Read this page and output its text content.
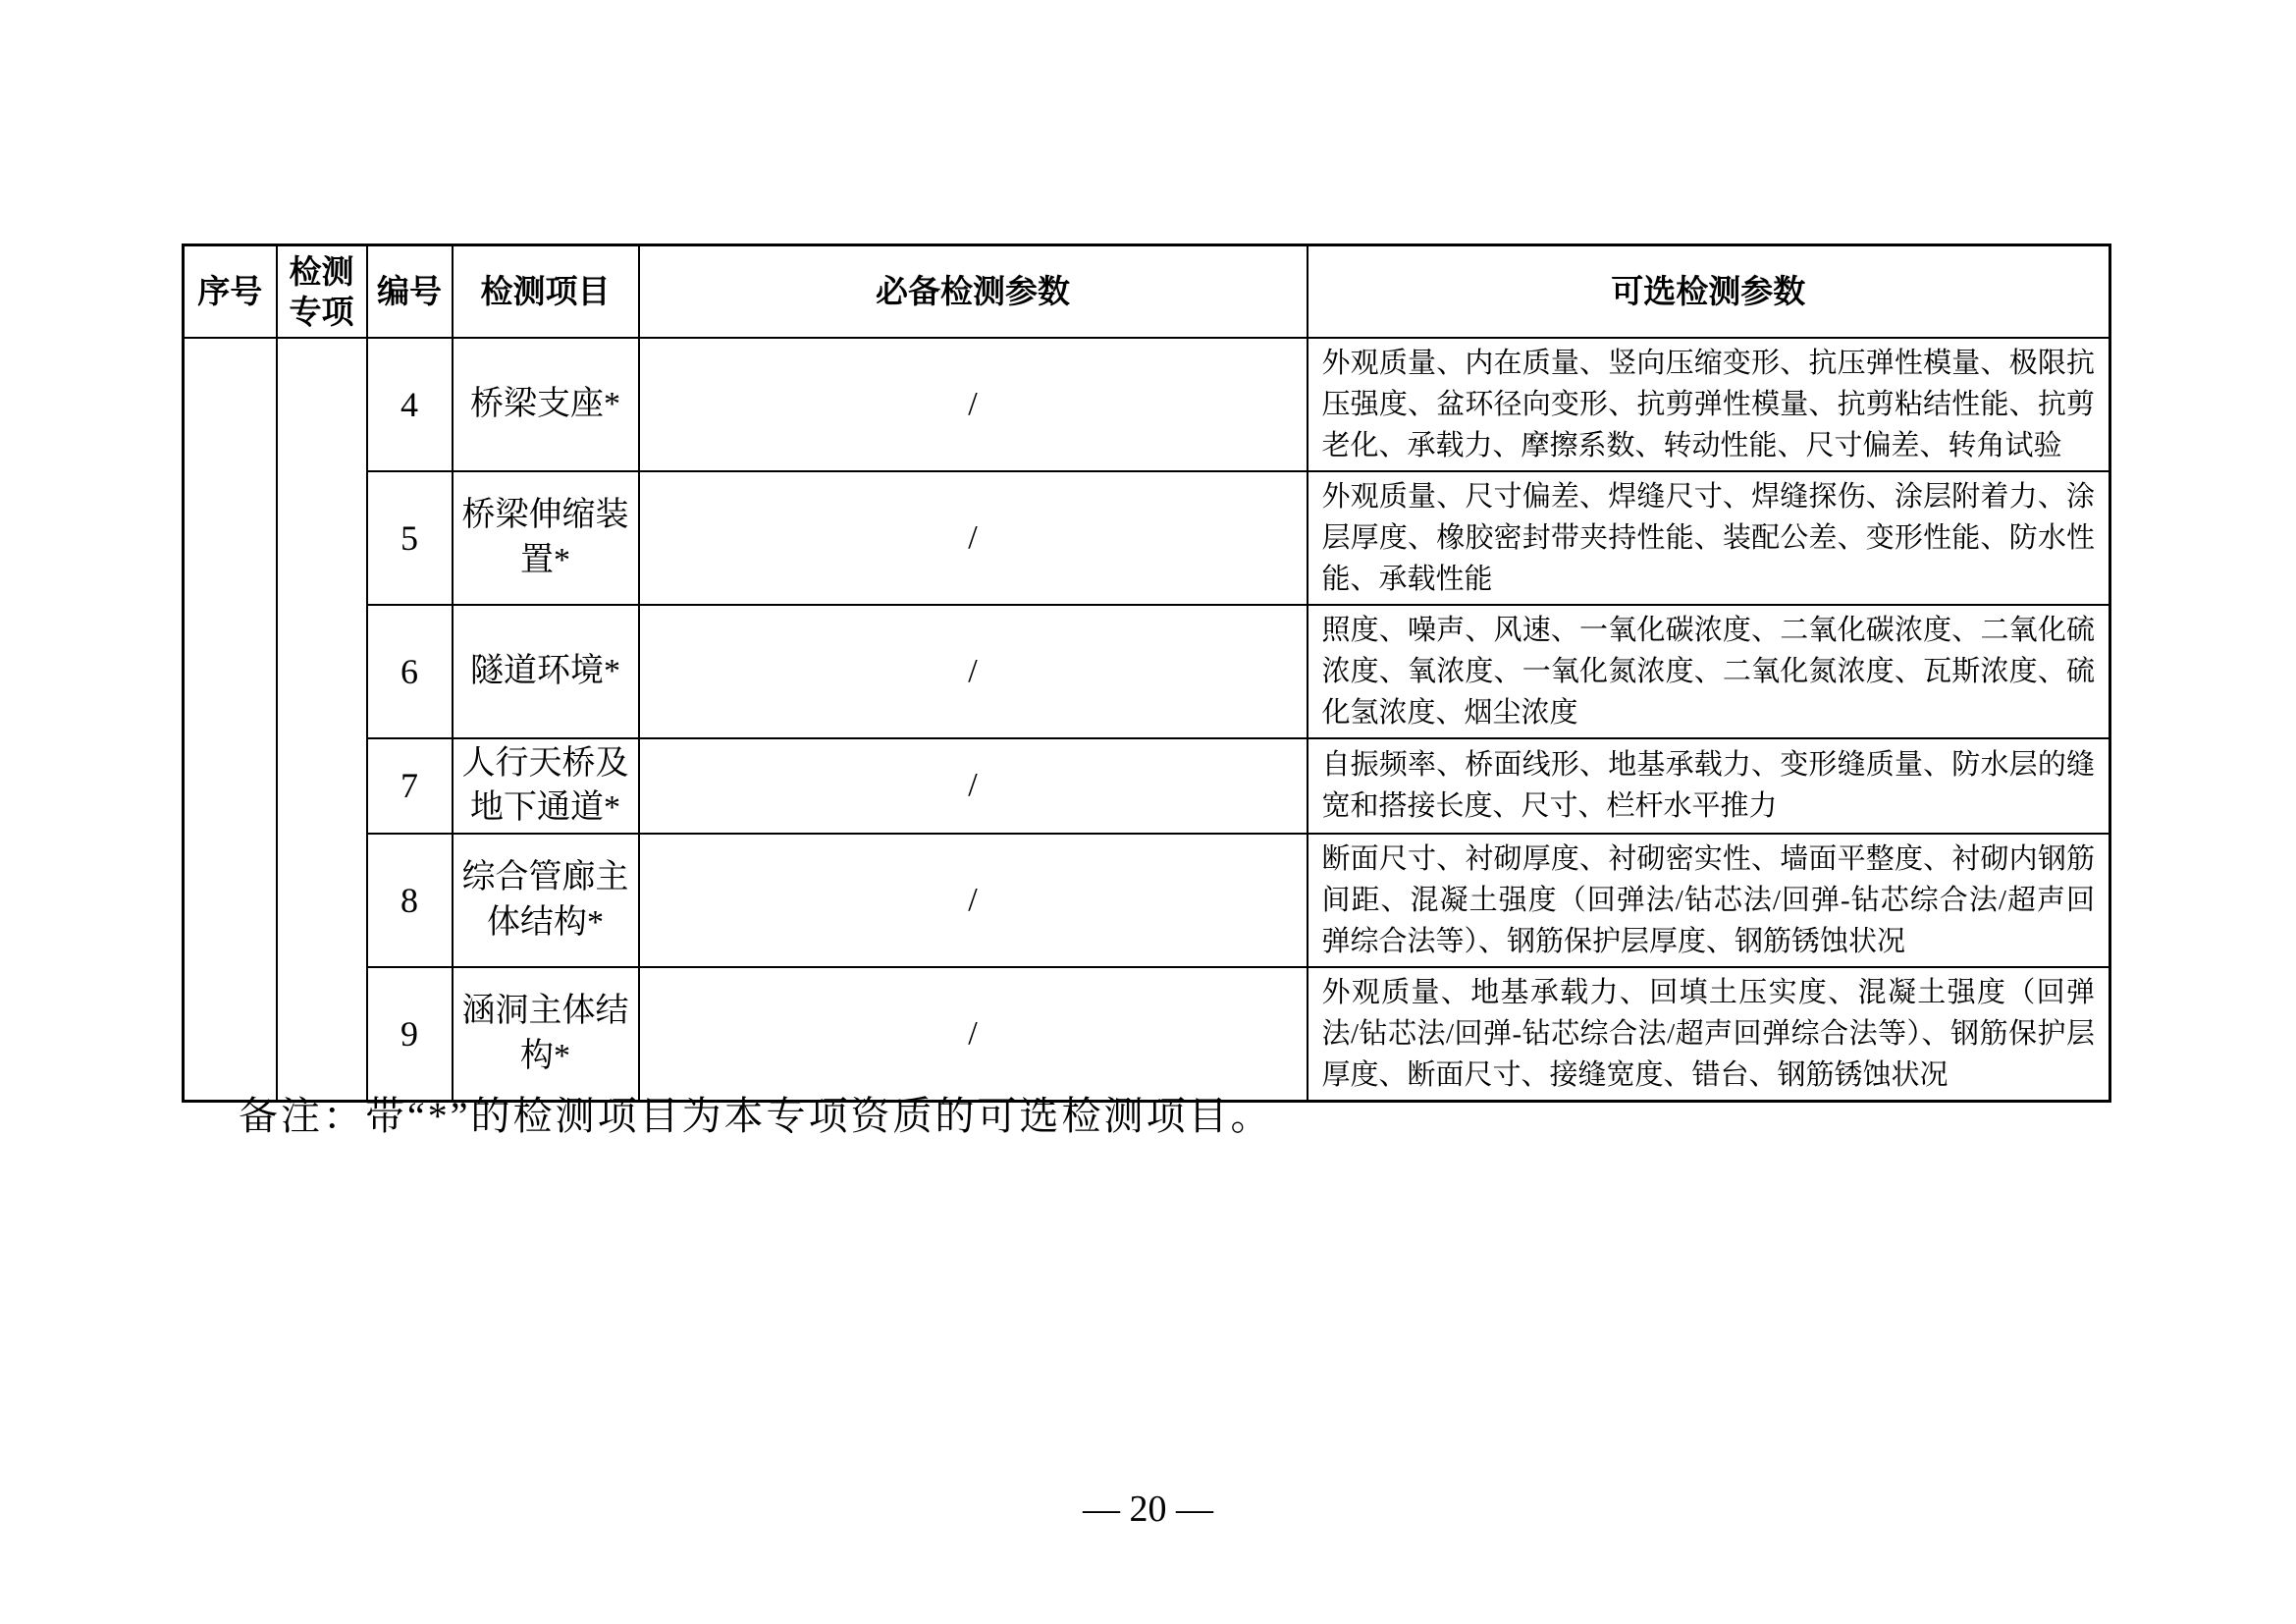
序号	检测专项	编号	检测项目	必备检测参数	可选检测参数
		4	桥梁支座*	/	外观质量、内在质量、竖向压缩变形、抗压弹性模量、极限抗压强度、盆环径向变形、抗剪弹性模量、抗剪粘结性能、抗剪老化、承载力、摩擦系数、转动性能、尺寸偏差、转角试验
		5	桥梁伸缩装置*	/	外观质量、尺寸偏差、焊缝尺寸、焊缝探伤、涂层附着力、涂层厚度、橡胶密封带夹持性能、装配公差、变形性能、防水性能、承载性能
		6	隧道环境*	/	照度、噪声、风速、一氧化碳浓度、二氧化碳浓度、二氧化硫浓度、氧浓度、一氧化氮浓度、二氧化氮浓度、瓦斯浓度、硫化氢浓度、烟尘浓度
		7	人行天桥及地下通道*	/	自振频率、桥面线形、地基承载力、变形缝质量、防水层的缝宽和搭接长度、尺寸、栏杆水平推力
		8	综合管廊主体结构*	/	断面尺寸、衬砌厚度、衬砌密实性、墙面平整度、衬砌内钢筋间距、混凝土强度（回弹法/钻芯法/回弹-钻芯综合法/超声回弹综合法等）、钢筋保护层厚度、钢筋锈蚀状况
		9	涵洞主体结构*	/	外观质量、地基承载力、回填土压实度、混凝土强度（回弹法/钻芯法/回弹-钻芯综合法/超声回弹综合法等）、钢筋保护层厚度、断面尺寸、接缝宽度、错台、钢筋锈蚀状况
备注：带“*”的检测项目为本专项资质的可选检测项目。
— 20 —
